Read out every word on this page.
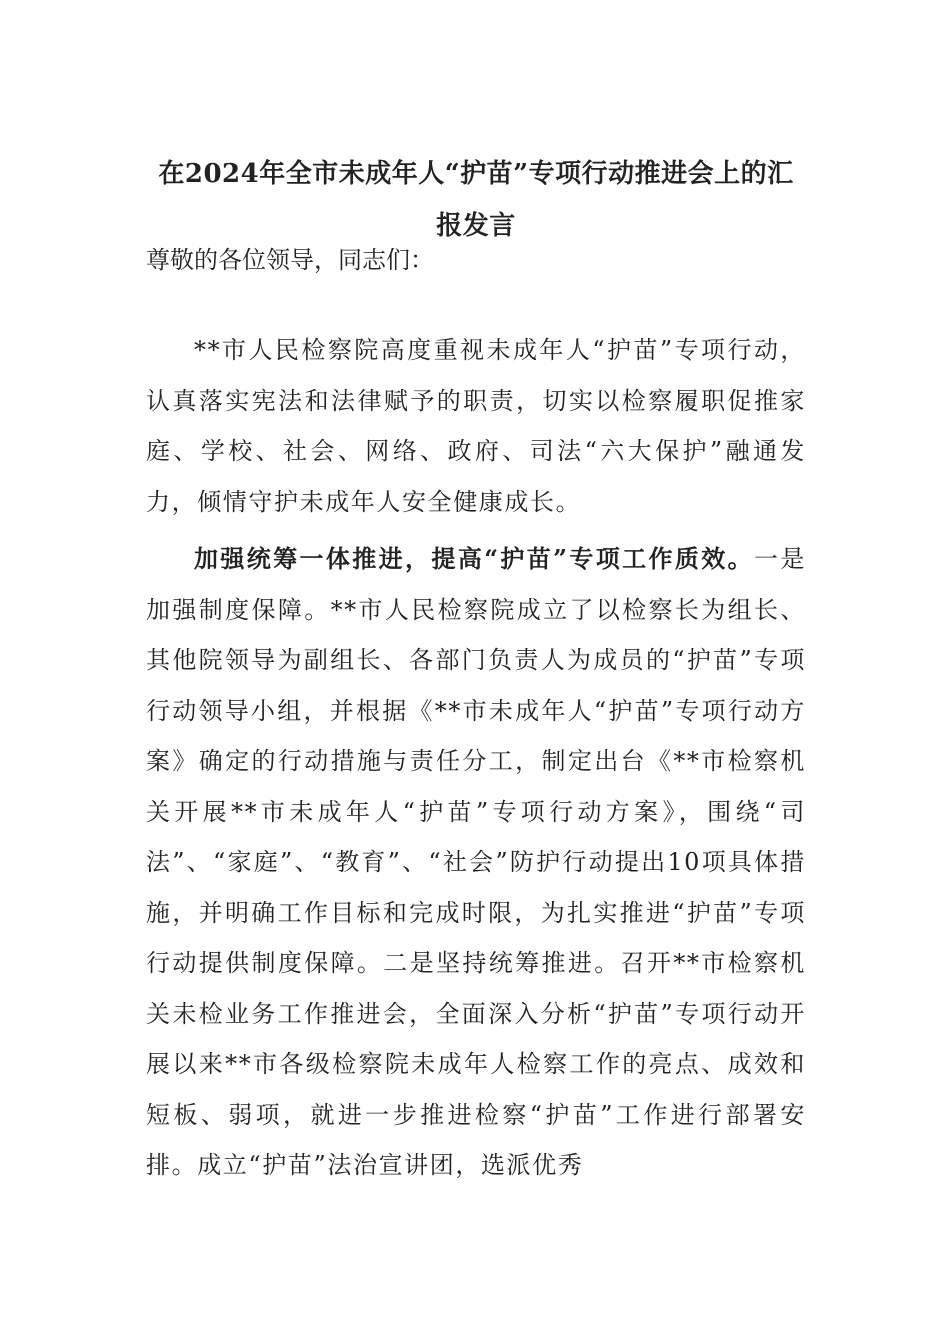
在2024年全市未成年人“护苗”专项行动推进会上的汇报发言
尊敬的各位领导，同志们：

**市人民检察院高度重视未成年人“护苗”专项行动，认真落实宪法和法律赋予的职责，切实以检察履职促推家庭、学校、社会、网络、政府、司法“六大保护”融通发力，倾情守护未成年人安全健康成长。

加强统筹一体推进，提高“护苗”专项工作质效。一是加强制度保障。**市人民检察院成立了以检察长为组长、其他院领导为副组长、各部门负责人为成员的“护苗”专项行动领导小组，并根据《**市未成年人“护苗”专项行动方案》确定的行动措施与责任分工，制定出台《**市检察机关开展**市未成年人“护苗”专项行动方案》，围绕“司法”、“家庭”、“教育”、“社会”防护行动提出10项具体措施，并明确工作目标和完成时限，为扎实推进“护苗”专项行动提供制度保障。二是坚持统筹推进。召开**市检察机关未检业务工作推进会，全面深入分析“护苗”专项行动开展以来**市各级检察院未成年人检察工作的亮点、成效和短板、弱项，就进一步推进检察“护苗”工作进行部署安排。成立“护苗”法治宣讲团，选派优秀
